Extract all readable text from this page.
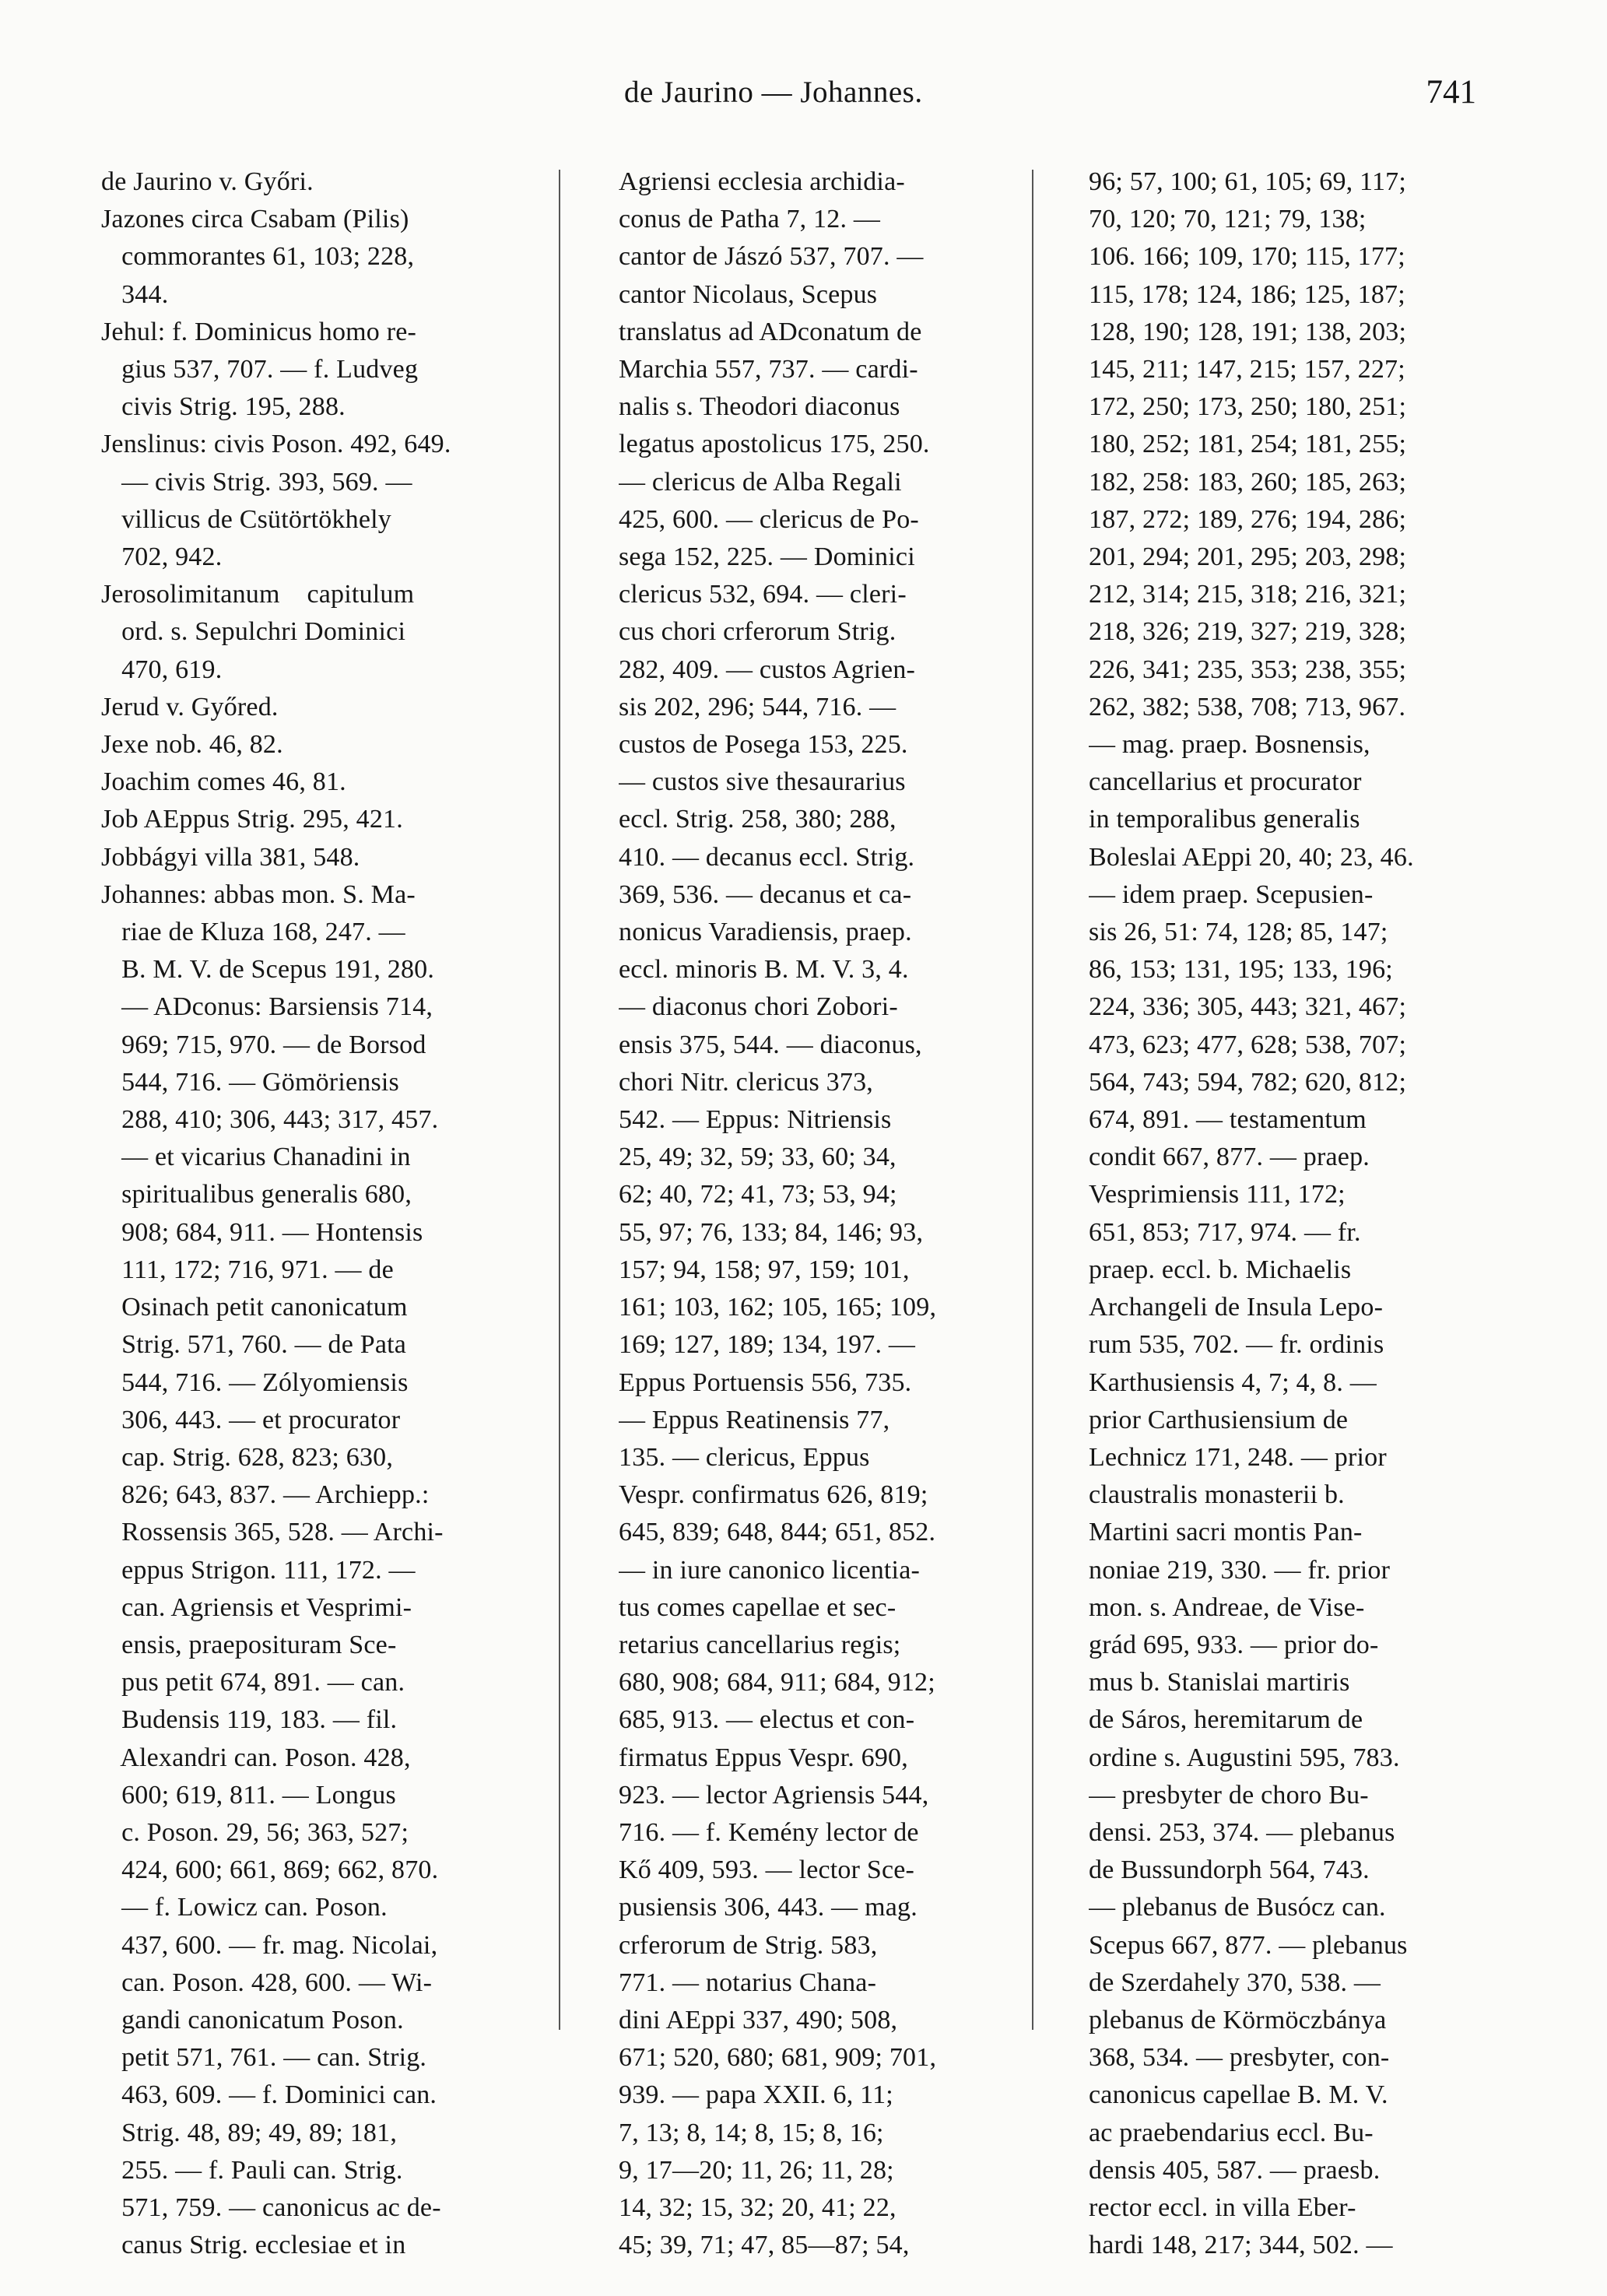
de Jaurino — Johannes.	741
de Jaurino v. Győri.
Jazones circa Csabam (Pilis)
commorantes 61, 103; 228,
344.
Jehul: f. Dominicus homo re-
gius 537, 707. — f. Ludveg
civis Strig. 195, 288.
Jenslinus: civis Poson. 492, 649.
— civis Strig. 393, 569. —
villicus de Csütörtökhely
702, 942.
Jerosolimitanum    capitulum
ord. s. Sepulchri Dominici
470, 619.
Jerud v. Győred.
Jexe nob. 46, 82.
Joachim comes 46, 81.
Job AEppus Strig. 295, 421.
Jobbágyi villa 381, 548.
Johannes: abbas mon. S. Ma-
riae de Kluza 168, 247. —
B. M. V. de Scepus 191, 280.
— ADconus: Barsiensis 714,
969; 715, 970. — de Borsod
544, 716. — Gömöriensis
288, 410; 306, 443; 317, 457.
— et vicarius Chanadini in
spiritualibus generalis 680,
908; 684, 911. — Hontensis
111, 172; 716, 971. — de
Osinach petit canonicatum
Strig. 571, 760. — de Pata
544, 716. — Zólyomiensis
306, 443. — et procurator
cap. Strig. 628, 823; 630,
826; 643, 837. — Archiepp.:
Rossensis 365, 528. — Archi-
eppus Strigon. 111, 172. —
can. Agriensis et Vesprimi-
ensis, praeposituram Sce-
pus petit 674, 891. — can.
Budensis 119, 183. — fil.
Alexandri can. Poson. 428,
600; 619, 811. — Longus
c. Poson. 29, 56; 363, 527;
424, 600; 661, 869; 662, 870.
— f. Lowicz can. Poson.
437, 600. — fr. mag. Nicolai,
can. Poson. 428, 600. — Wi-
gandi canonicatum Poson.
petit 571, 761. — can. Strig.
463, 609. — f. Dominici can.
Strig. 48, 89; 49, 89; 181,
255. — f. Pauli can. Strig.
571, 759. — canonicus ac de-
canus Strig. ecclesiae et in
Agriensi ecclesia archidia-
conus de Patha 7, 12. —
cantor de Jászó 537, 707. —
cantor Nicolaus, Scepus
translatus ad ADconatum de
Marchia 557, 737. — cardi-
nalis s. Theodori diaconus
legatus apostolicus 175, 250.
— clericus de Alba Regali
425, 600. — clericus de Po-
sega 152, 225. — Dominici
clericus 532, 694. — cleri-
cus chori crferorum Strig.
282, 409. — custos Agrien-
sis 202, 296; 544, 716. —
custos de Posega 153, 225.
— custos sive thesaurarius
eccl. Strig. 258, 380; 288,
410. — decanus eccl. Strig.
369, 536. — decanus et ca-
nonicus Varadiensis, praep.
eccl. minoris B. M. V. 3, 4.
— diaconus chori Zobori-
ensis 375, 544. — diaconus,
chori Nitr. clericus 373,
542. — Eppus: Nitriensis
25, 49; 32, 59; 33, 60; 34,
62; 40, 72; 41, 73; 53, 94;
55, 97; 76, 133; 84, 146; 93,
157; 94, 158; 97, 159; 101,
161; 103, 162; 105, 165; 109,
169; 127, 189; 134, 197. —
Eppus Portuensis 556, 735.
— Eppus Reatinensis 77,
135. — clericus, Eppus
Vespr. confirmatus 626, 819;
645, 839; 648, 844; 651, 852.
— in iure canonico licentia-
tus comes capellae et sec-
retarius cancellarius regis;
680, 908; 684, 911; 684, 912;
685, 913. — electus et con-
firmatus Eppus Vespr. 690,
923. — lector Agriensis 544,
716. — f. Kemény lector de
Kő 409, 593. — lector Sce-
pusiensis 306, 443. — mag.
crferorum de Strig. 583,
771. — notarius Chana-
dini AEppi 337, 490; 508,
671; 520, 680; 681, 909; 701,
939. — papa XXII. 6, 11;
7, 13; 8, 14; 8, 15; 8, 16;
9, 17—20; 11, 26; 11, 28;
14, 32; 15, 32; 20, 41; 22,
45; 39, 71; 47, 85—87; 54,
96; 57, 100; 61, 105; 69, 117;
70, 120; 70, 121; 79, 138;
106. 166; 109, 170; 115, 177;
115, 178; 124, 186; 125, 187;
128, 190; 128, 191; 138, 203;
145, 211; 147, 215; 157, 227;
172, 250; 173, 250; 180, 251;
180, 252; 181, 254; 181, 255;
182, 258: 183, 260; 185, 263;
187, 272; 189, 276; 194, 286;
201, 294; 201, 295; 203, 298;
212, 314; 215, 318; 216, 321;
218, 326; 219, 327; 219, 328;
226, 341; 235, 353; 238, 355;
262, 382; 538, 708; 713, 967.
— mag. praep. Bosnensis,
cancellarius et procurator
in temporalibus generalis
Boleslai AEppi 20, 40; 23, 46.
— idem praep. Scepusien-
sis 26, 51: 74, 128; 85, 147;
86, 153; 131, 195; 133, 196;
224, 336; 305, 443; 321, 467;
473, 623; 477, 628; 538, 707;
564, 743; 594, 782; 620, 812;
674, 891. — testamentum
condit 667, 877. — praep.
Vesprimiensis 111, 172;
651, 853; 717, 974. — fr.
praep. eccl. b. Michaelis
Archangeli de Insula Lepo-
rum 535, 702. — fr. ordinis
Karthusiensis 4, 7; 4, 8. —
prior Carthusiensium de
Lechnicz 171, 248. — prior
claustralis monasterii b.
Martini sacri montis Pan-
noniae 219, 330. — fr. prior
mon. s. Andreae, de Vise-
grád 695, 933. — prior do-
mus b. Stanislai martiris
de Sáros, heremitarum de
ordine s. Augustini 595, 783.
— presbyter de choro Bu-
densi. 253, 374. — plebanus
de Bussundorph 564, 743.
— plebanus de Busócz can.
Scepus 667, 877. — plebanus
de Szerdahely 370, 538. —
plebanus de Körmöczbánya
368, 534. — presbyter, con-
canonicus capellae B. M. V.
ac praebendarius eccl. Bu-
densis 405, 587. — praesb.
rector eccl. in villa Eber-
hardi 148, 217; 344, 502. —
